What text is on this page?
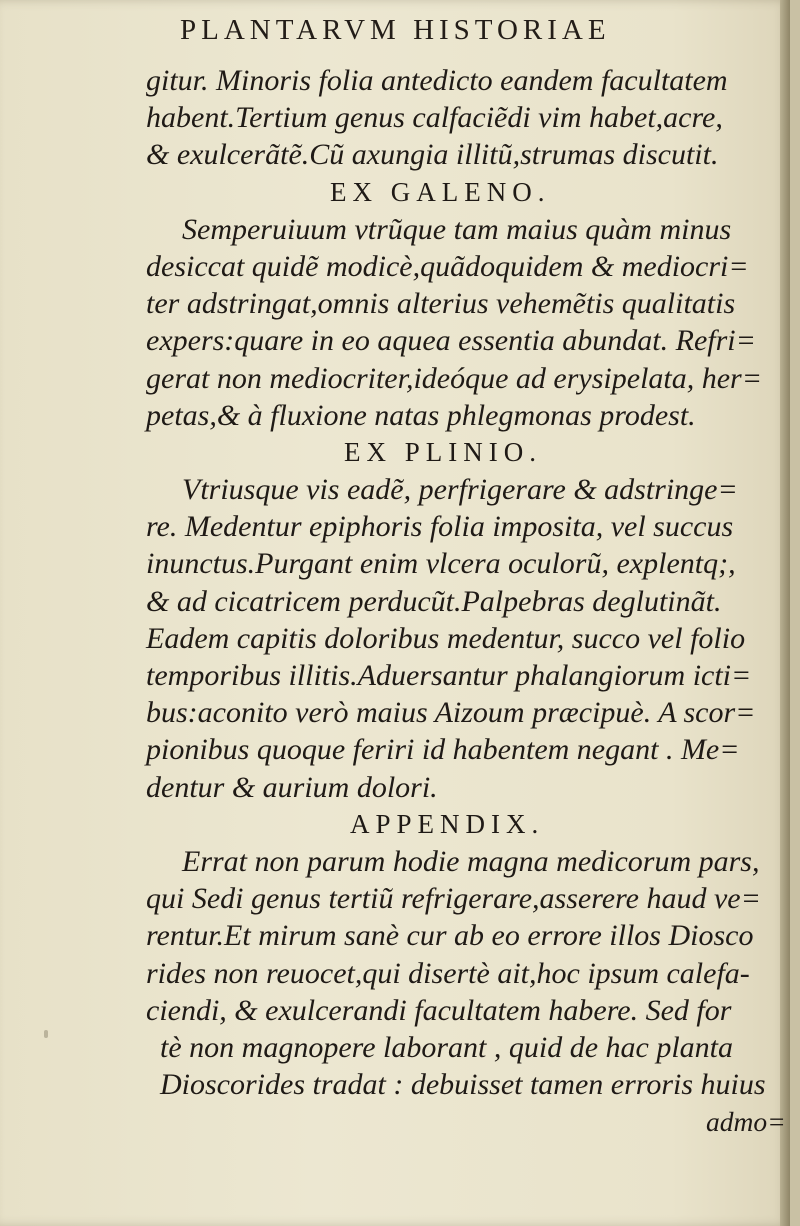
PLANTARVM HISTORIAE
gitur. Minoris folia antedicto eandem facultatem
habent.Tertium genus calfaciẽdi vim habet,acre,
& exulcerãtẽ.Cũ axungia illitũ,strumas discutit.
EX GALENO.
Semperuiuum vtrũque tam maius quàm minus
desiccat quidẽ modicè,quãdoquidem & mediocri=
ter adstringat,omnis alterius vehemẽtis qualitatis
expers:quare in eo aquea essentia abundat. Refri=
gerat non mediocriter,ideóque ad erysipelata, her=
petas,& à fluxione natas phlegmonas prodest.
EX PLINIO.
Vtriusque vis eadẽ, perfrigerare & adstringe=
re. Medentur epiphoris folia imposita, vel succus
inunctus.Purgant enim vlcera oculorũ, explentq;,
& ad cicatricem perducũt.Palpebras deglutinãt.
Eadem capitis doloribus medentur, succo vel folio
temporibus illitis.Aduersantur phalangiorum icti=
bus:aconito verò maius Aizoum præcipuè. A scor=
pionibus quoque feriri id habentem negant . Me=
dentur & aurium dolori.
APPENDIX.
Errat non parum hodie magna medicorum pars,
qui Sedi genus tertiũ refrigerare,asserere haud ve=
rentur.Et mirum sanè cur ab eo errore illos Diosco
rides non reuocet,qui disertè ait,hoc ipsum calefa-
ciendi, & exulcerandi facultatem habere. Sed for
tè non magnopere laborant , quid de hac planta
Dioscorides tradat : debuisset tamen erroris huius
admo=
